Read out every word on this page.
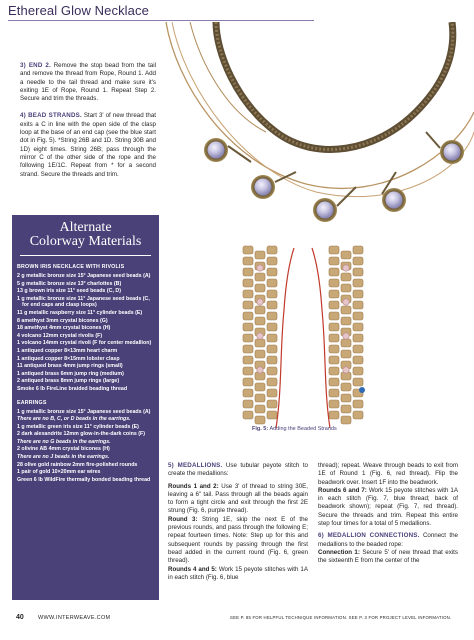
Ethereal Glow Necklace

3) END 2. Remove the stop bead from the tail and remove the thread from Rope, Round 1. Add a needle to the tail thread and make sure it's exiting 1E of Rope, Round 1. Repeat Step 2. Secure and trim the threads.

4) BEAD STRANDS. Start 3' of new thread that exits a C in line with the open side of the clasp loop at the base of an end cap (see the blue start dot in Fig. 5). *String 26B and 1D. String 30B and 1D) eight times. String 26B; pass through the mirror C of the other side of the rope and the following 1E/1C. Repeat from * for a second strand. Secure the threads and trim.

Alternate
Colorway Materials
BROWN IRIS NECKLACE WITH RIVOLIS
2 g metallic bronze size 15° Japanese seed beads (A)
5 g metallic bronze size 13° charlottes (B)
13 g brown iris size 11° seed beads (C, D)
1 g metallic bronze size 11° Japanese seed beads (C, for end caps and clasp loops)
11 g metallic raspberry size 11° cylinder beads (E)
8 amethyst 3mm crystal bicones (G)
18 amethyst 4mm crystal bicones (H)
4 volcano 12mm crystal rivolis (F)
1 volcano 14mm crystal rivoli (F for center medallion)
1 antiqued copper 8×13mm heart charm
1 antiqued copper 8×15mm lobster clasp
11 antiqued brass 4mm jump rings (small)
1 antiqued brass 6mm jump ring (medium)
2 antiqued brass 8mm jump rings (large)
Smoke 6 lb FireLine braided beading thread
EARRINGS
1 g metallic bronze size 15° Japanese seed beads (A)
There are no B, C, or D beads in the earrings.
1 g metallic green iris size 11° cylinder beads (E)
2 dark alexandrite 12mm glow-in-the-dark coins (F)
There are no G beads in the earrings.
2 olivine AB 4mm crystal bicones (H)
There are no J beads in the earrings.
28 olive gold rainbow 2mm fire-polished rounds
1 pair of gold 10×20mm ear wires
Green 6 lb WildFire thermally bonded beading thread
Fig. 5: Adding the Beaded Strands

5) MEDALLIONS. Use tubular peyote stitch to create the medallions:

Rounds 1 and 2: Use 3' of thread to string 30E, leaving a 6" tail. Pass through all the beads again to form a tight circle and exit through the first 2E strung (Fig. 6, purple thread).

Round 3: String 1E, skip the next E of the previous rounds, and pass through the following E; repeat fourteen times. Note: Step up for this and subsequent rounds by passing through the first bead added in the current round (Fig. 6, green thread).

Rounds 4 and 5: Work 15 peyote stitches with 1A in each stitch (Fig. 6, blue

thread); repeat. Weave through beads to exit from 1E of Round 1 (Fig. 6, red thread). Flip the beadwork over. Insert 1F into the beadwork.

Rounds 6 and 7: Work 15 peyote stitches with 1A in each stitch (Fig. 7, blue thread; back of beadwork shown); repeat (Fig. 7, red thread). Secure the threads and trim. Repeat this entire step four times for a total of 5 medallions.

6) MEDALLION CONNECTIONS. Connect the medallions to the beaded rope:

Connection 1: Secure 5' of new thread that exits the sixteenth E from the center of the

40	WWW.INTERWEAVE.COM	SEE P. 85 FOR HELPFUL TECHNIQUE INFORMATION. SEE P. 3 FOR PROJECT LEVEL INFORMATION.
